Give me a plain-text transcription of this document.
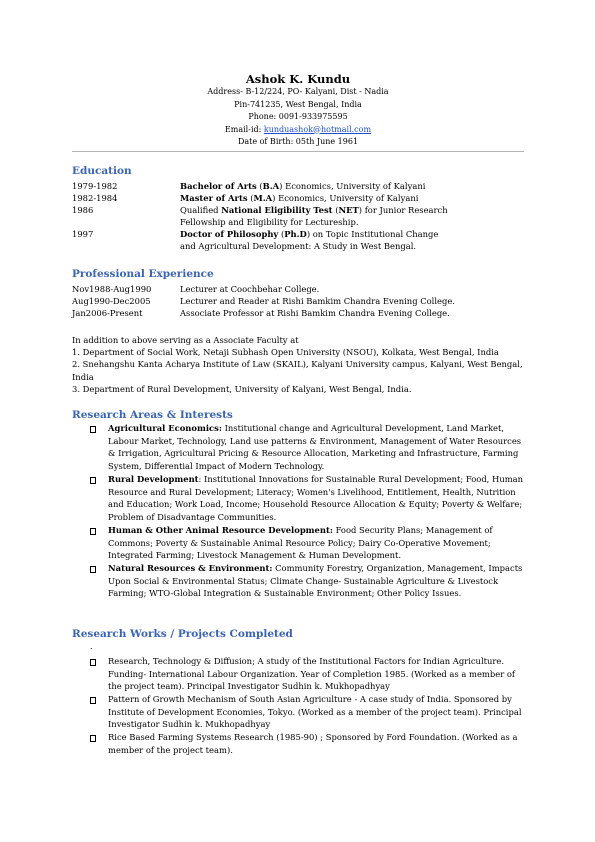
Ashok K. Kundu
Address- B-12/224, PO- Kalyani, Dist - Nadia
Pin-741235, West Bengal, India
Phone: 0091-933975595
Email-id: kunduashok@hotmail.com
Date of Birth: 05th June 1961
Education
1979-1982	Bachelor of Arts (B.A) Economics, University of Kalyani
1982-1984	Master of Arts (M.A) Economics, University of Kalyani
1986	Qualified National Eligibility Test (NET) for Junior Research
Fellowship and Eligibility for Lectureship.
1997	Doctor of Philosophy (Ph.D) on Topic Institutional Change
and Agricultural Development: A Study in West Bengal.
Professional Experience
Nov1988-Aug1990	Lecturer at Coochbehar College.
Aug1990-Dec2005	Lecturer and Reader at Rishi Bamkim Chandra Evening College.
Jan2006-Present	Associate Professor at Rishi Bamkim Chandra Evening College.
In addition to above serving as a Associate Faculty at
1. Department of Social Work, Netaji Subhash Open University (NSOU), Kolkata, West Bengal, India
2. Snehangshu Kanta Acharya Institute of Law (SKAIL), Kalyani University campus, Kalyani, West Bengal, India
3. Department of Rural Development, University of Kalyani, West Bengal, India.
Research Areas & Interests
Agricultural Economics: Institutional change and Agricultural Development, Land Market, Labour Market, Technology, Land use patterns & Environment, Management of Water Resources & Irrigation, Agricultural Pricing & Resource Allocation, Marketing and Infrastructure, Farming System, Differential Impact of Modern Technology.
Rural Development: Institutional Innovations for Sustainable Rural Development; Food, Human Resource and Rural Development; Literacy; Women's Livelihood, Entitlement, Health, Nutrition and Education; Work Load, Income; Household Resource Allocation & Equity; Poverty & Welfare; Problem of Disadvantage Communities.
Human & Other Animal Resource Development: Food Security Plans; Management of Commons; Poverty & Sustainable Animal Resource Policy; Dairy Co-Operative Movement; Integrated Farming; Livestock Management & Human Development.
Natural Resources & Environment: Community Forestry, Organization, Management, Impacts Upon Social & Environmental Status; Climate Change- Sustainable Agriculture & Livestock Farming; WTO-Global Integration & Sustainable Environment; Other Policy Issues.
Research Works / Projects Completed
.
Research, Technology & Diffusion; A study of the Institutional Factors for Indian Agriculture. Funding- International Labour Organization. Year of Completion 1985. (Worked as a member of the project team). Principal Investigator Sudhin k. Mukhopadhyay
Pattern of Growth Mechanism of South Asian Agriculture - A case study of India. Sponsored by Institute of Development Economies, Tokyo. (Worked as a member of the project team). Principal Investigator Sudhin k. Mukhopadhyay
Rice Based Farming Systems Research (1985-90) ; Sponsored by Ford Foundation. (Worked as a member of the project team).
